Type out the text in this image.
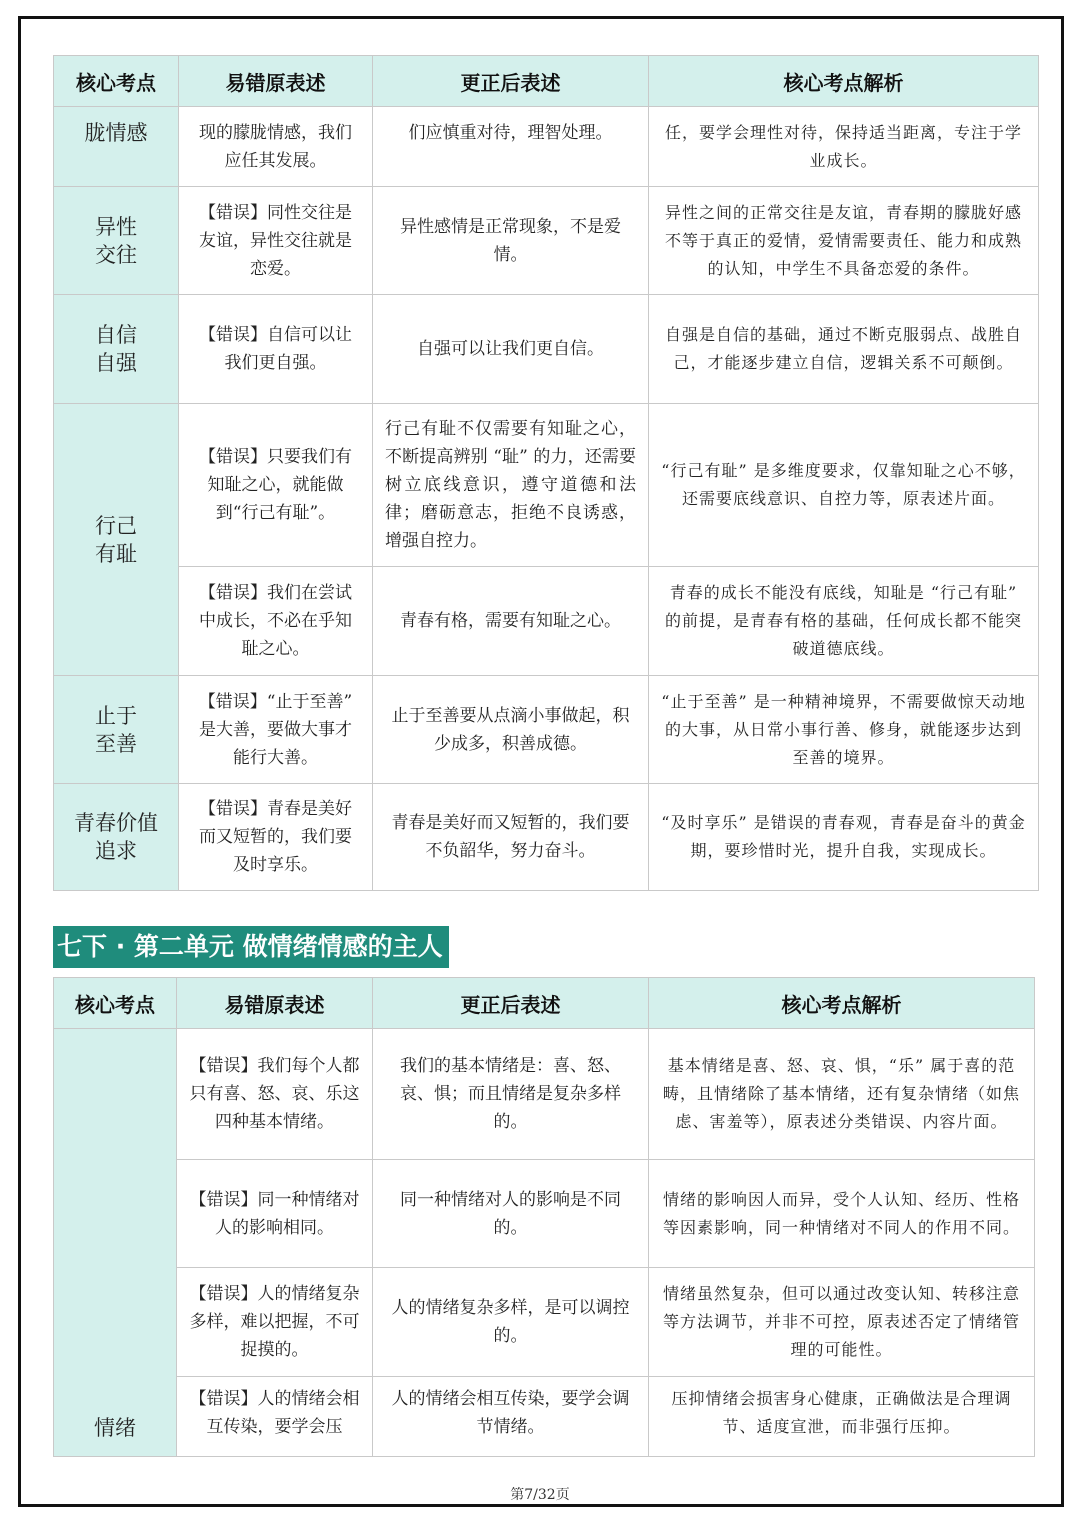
核心考点	易错原表述	更正后表述	核心考点解析
胧情感	现的朦胧情感，我们应任其发展。	们应慎重对待，理智处理。	任，要学会理性对待，保持适当距离，专注于学业成长。
异性交往	【错误】同性交往是友谊，异性交往就是恋爱。	异性感情是正常现象，不是爱情。	异性之间的正常交往是友谊，青春期的朦胧好感不等于真正的爱情，爱情需要责任、能力和成熟的认知，中学生不具备恋爱的条件。
自信自强	【错误】自信可以让我们更自强。	自强可以让我们更自信。	自强是自信的基础，通过不断克服弱点、战胜自己，才能逐步建立自信，逻辑关系不可颠倒。
行己有耻	【错误】只要我们有知耻之心，就能做到“行己有耻”。	行己有耻不仅需要有知耻之心，不断提高辨别 “耻” 的力，还需要树立底线意识，遵守道德和法律；磨砺意志，拒绝不良诱惑，增强自控力。	“行己有耻” 是多维度要求，仅靠知耻之心不够，还需要底线意识、自控力等，原表述片面。
	【错误】我们在尝试中成长，不必在乎知耻之心。	青春有格，需要有知耻之心。	青春的成长不能没有底线，知耻是 “行己有耻” 的前提，是青春有格的基础，任何成长都不能突破道德底线。
止于至善	【错误】“止于至善” 是大善，要做大事才能行大善。	止于至善要从点滴小事做起，积少成多，积善成德。	“止于至善” 是一种精神境界，不需要做惊天动地的大事，从日常小事行善、修身，就能逐步达到至善的境界。
青春价值追求	【错误】青春是美好而又短暂的，我们要及时享乐。	青春是美好而又短暂的，我们要不负韶华，努力奋斗。	“及时享乐” 是错误的青春观，青春是奋斗的黄金期，要珍惜时光，提升自我，实现成长。
七下 · 第二单元 做情绪情感的主人
核心考点	易错原表述	更正后表述	核心考点解析
情绪	【错误】我们每个人都只有喜、怒、哀、乐这四种基本情绪。	我们的基本情绪是：喜、怒、哀、惧；而且情绪是复杂多样的。	基本情绪是喜、怒、哀、惧，“乐” 属于喜的范畴，且情绪除了基本情绪，还有复杂情绪（如焦虑、害羞等），原表述分类错误、内容片面。
	【错误】同一种情绪对人的影响相同。	同一种情绪对人的影响是不同的。	情绪的影响因人而异，受个人认知、经历、性格等因素影响，同一种情绪对不同人的作用不同。
	【错误】人的情绪复杂多样，难以把握，不可捉摸的。	人的情绪复杂多样，是可以调控的。	情绪虽然复杂，但可以通过改变认知、转移注意等方法调节，并非不可控，原表述否定了情绪管理的可能性。
	【错误】人的情绪会相互传染，要学会压	人的情绪会相互传染，要学会调节情绪。	压抑情绪会损害身心健康，正确做法是合理调节、适度宣泄，而非强行压抑。
第7/32页
